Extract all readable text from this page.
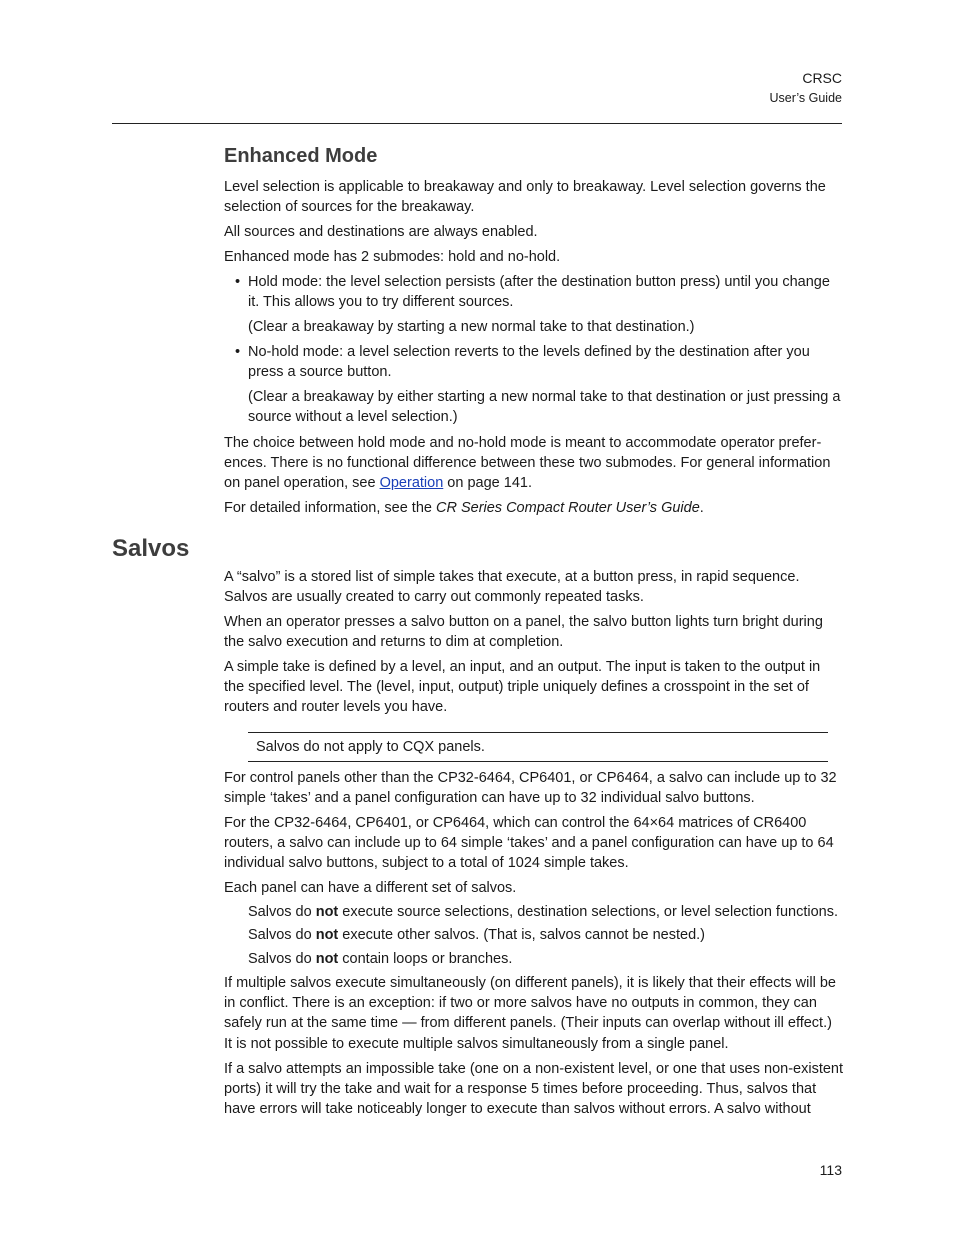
CRSC
User’s Guide
Enhanced Mode
Level selection is applicable to breakaway and only to breakaway. Level selection governs the selection of sources for the breakaway.
All sources and destinations are always enabled.
Enhanced mode has 2 submodes: hold and no-hold.
• Hold mode: the level selection persists (after the destination button press) until you change it. This allows you to try different sources.
(Clear a breakaway by starting a new normal take to that destination.)
• No-hold mode: a level selection reverts to the levels defined by the destination after you press a source button.
(Clear a breakaway by either starting a new normal take to that destination or just pressing a source without a level selection.)
The choice between hold mode and no-hold mode is meant to accommodate operator preferences. There is no functional difference between these two submodes. For general information on panel operation, see Operation on page 141.
For detailed information, see the CR Series Compact Router User’s Guide.
Salvos
A “salvo” is a stored list of simple takes that execute, at a button press, in rapid sequence. Salvos are usually created to carry out commonly repeated tasks.
When an operator presses a salvo button on a panel, the salvo button lights turn bright during the salvo execution and returns to dim at completion.
A simple take is defined by a level, an input, and an output. The input is taken to the output in the specified level. The (level, input, output) triple uniquely defines a crosspoint in the set of routers and router levels you have.
Salvos do not apply to CQX panels.
For control panels other than the CP32-6464, CP6401, or CP6464, a salvo can include up to 32 simple ‘takes’ and a panel configuration can have up to 32 individual salvo buttons.
For the CP32-6464, CP6401, or CP6464, which can control the 64×64 matrices of CR6400 routers, a salvo can include up to 64 simple ‘takes’ and a panel configuration can have up to 64 individual salvo buttons, subject to a total of 1024 simple takes.
Each panel can have a different set of salvos.
Salvos do not execute source selections, destination selections, or level selection functions.
Salvos do not execute other salvos. (That is, salvos cannot be nested.)
Salvos do not contain loops or branches.
If multiple salvos execute simultaneously (on different panels), it is likely that their effects will be in conflict. There is an exception: if two or more salvos have no outputs in common, they can safely run at the same time — from different panels. (Their inputs can overlap without ill effect.) It is not possible to execute multiple salvos simultaneously from a single panel.
If a salvo attempts an impossible take (one on a non-existent level, or one that uses non-existent ports) it will try the take and wait for a response 5 times before proceeding. Thus, salvos that have errors will take noticeably longer to execute than salvos without errors. A salvo without
113
